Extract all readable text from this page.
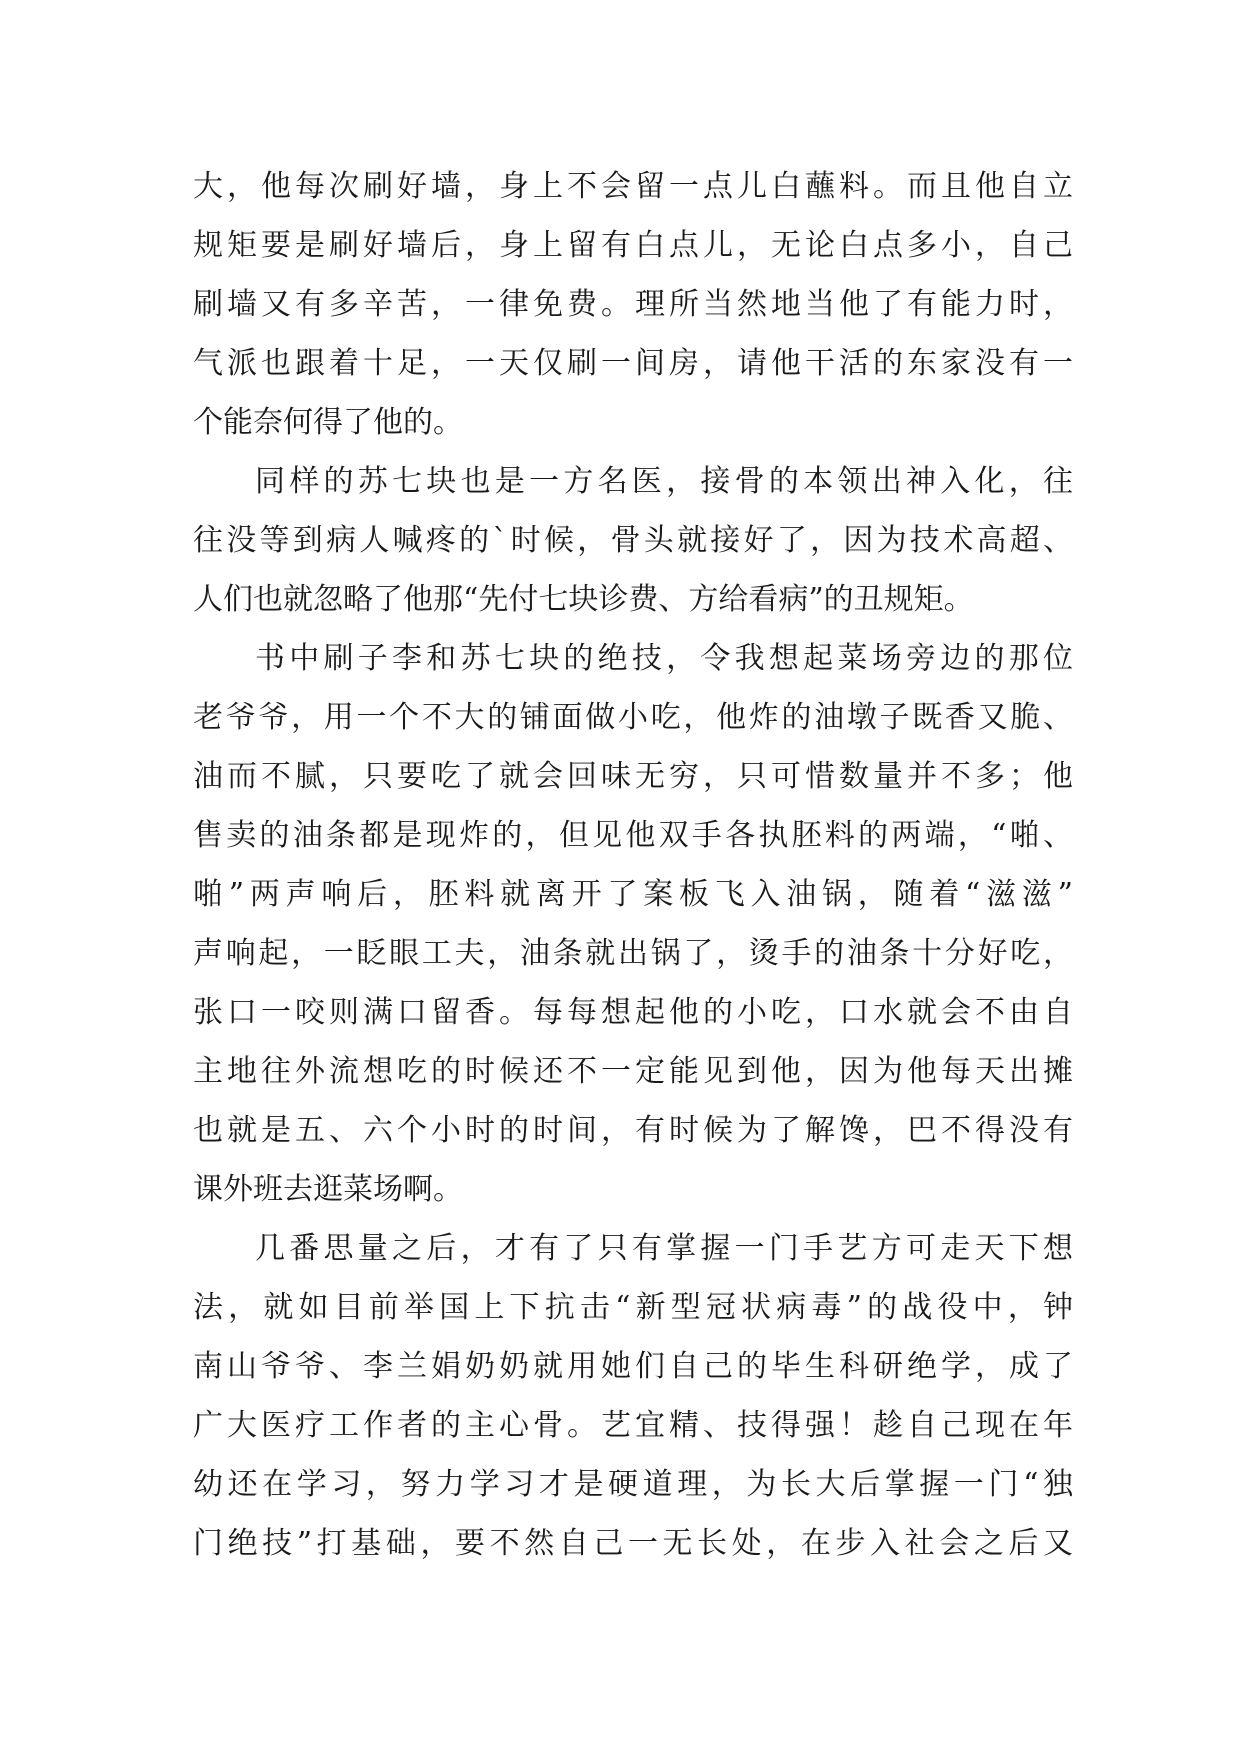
大，他每次刷好墙，身上不会留一点儿白蘸料。而且他自立
规矩要是刷好墙后，身上留有白点儿，无论白点多小，自己
刷墙又有多辛苦，一律免费。理所当然地当他了有能力时，
气派也跟着十足，一天仅刷一间房，请他干活的东家没有一
个能奈何得了他的。
同样的苏七块也是一方名医，接骨的本领出神入化，往
往没等到病人喊疼的`时候，骨头就接好了，因为技术高超、
人们也就忽略了他那“先付七块诊费、方给看病”的丑规矩。
书中刷子李和苏七块的绝技，令我想起菜场旁边的那位
老爷爷，用一个不大的铺面做小吃，他炸的油墩子既香又脆、
油而不腻，只要吃了就会回味无穷，只可惜数量并不多；他
售卖的油条都是现炸的，但见他双手各执胚料的两端，“啪、
啪”两声响后，胚料就离开了案板飞入油锅，随着“滋滋”
声响起，一眨眼工夫，油条就出锅了，烫手的油条十分好吃，
张口一咬则满口留香。每每想起他的小吃，口水就会不由自
主地往外流想吃的时候还不一定能见到他，因为他每天出摊
也就是五、六个小时的时间，有时候为了解馋，巴不得没有
课外班去逛菜场啊。
几番思量之后，才有了只有掌握一门手艺方可走天下想
法，就如目前举国上下抗击“新型冠状病毒”的战役中，钟
南山爷爷、李兰娟奶奶就用她们自己的毕生科研绝学，成了
广大医疗工作者的主心骨。艺宜精、技得强！趁自己现在年
幼还在学习，努力学习才是硬道理，为长大后掌握一门“独
门绝技”打基础，要不然自己一无长处，在步入社会之后又
